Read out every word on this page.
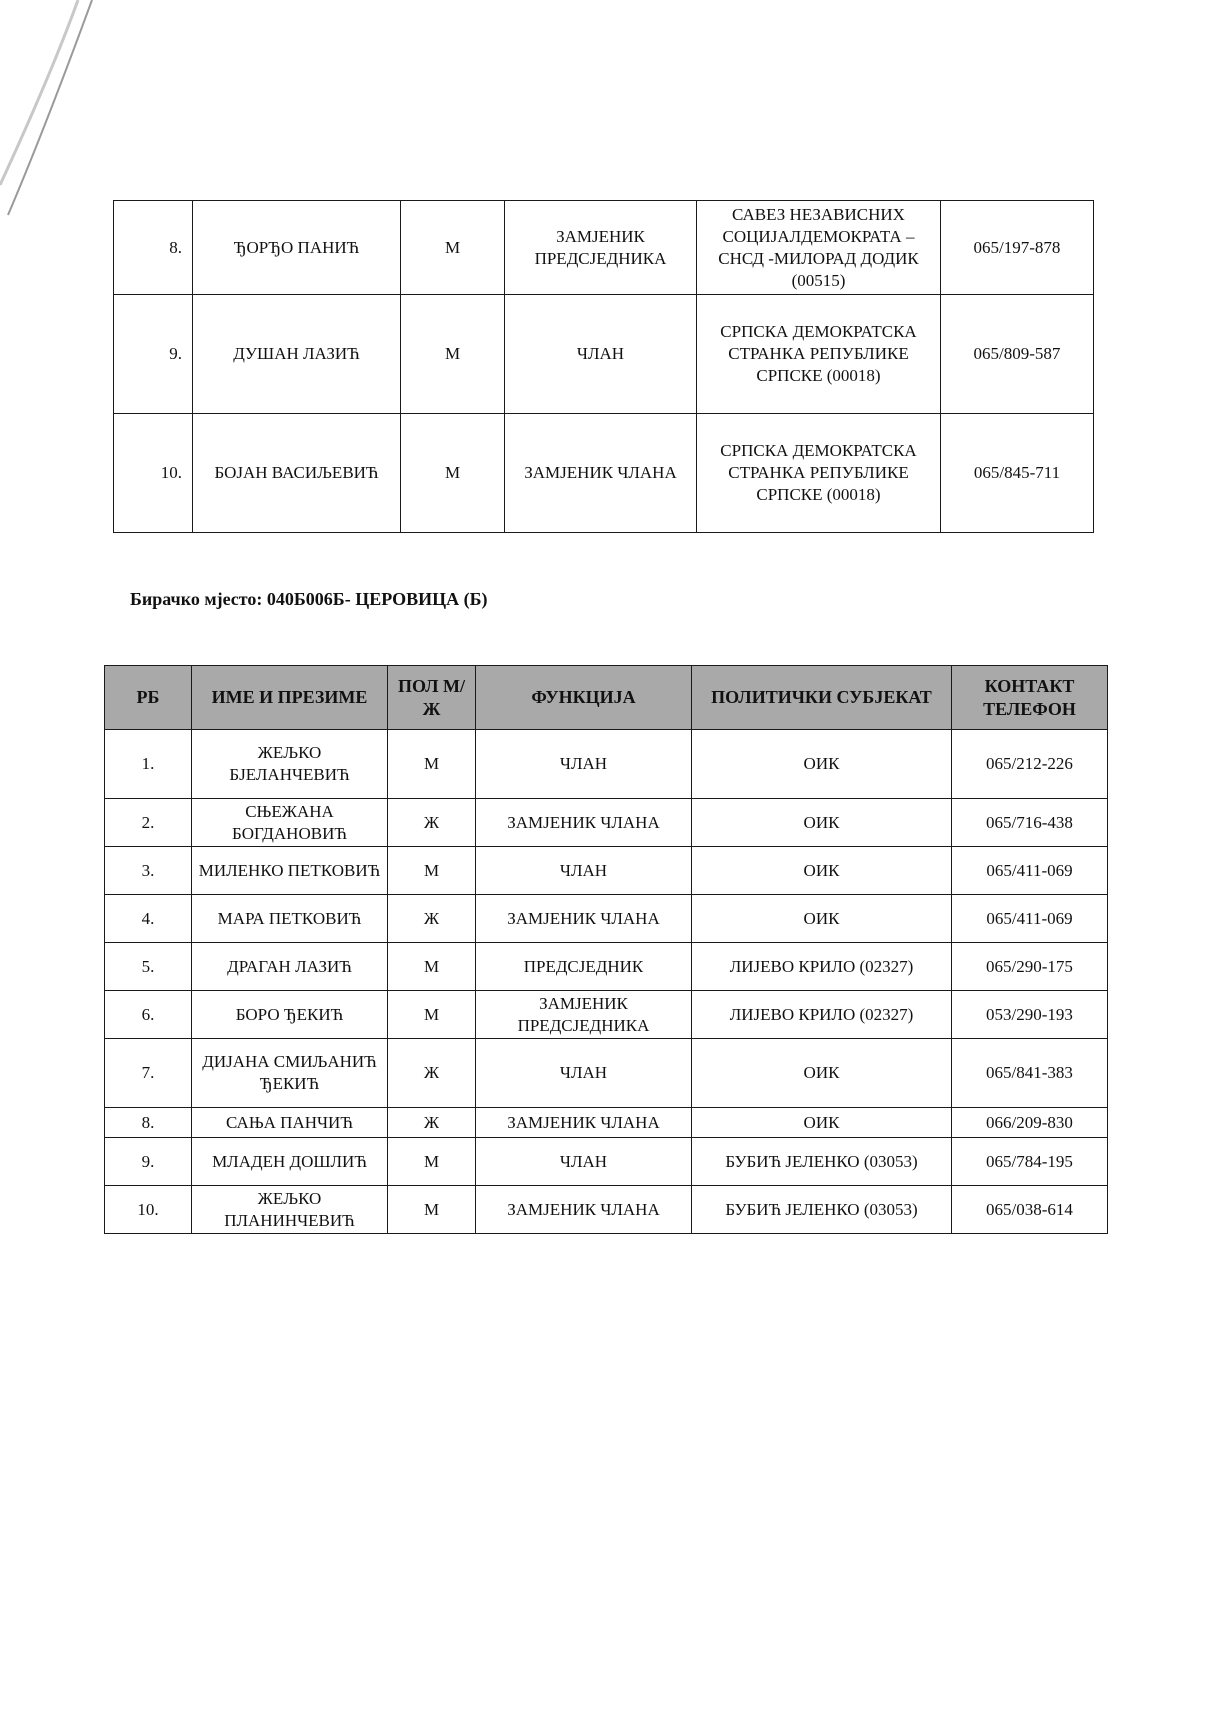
8.	ЂОРЂО ПАНИЋ	М	ЗАМЈЕНИК ПРЕДСЈЕДНИКА	САВЕЗ НЕЗАВИСНИХ СОЦИЈАЛДЕМОКРАТА – СНСД -МИЛОРАД ДОДИК (00515)	065/197-878
9.	ДУШАН ЛАЗИЋ	М	ЧЛАН	СРПСКА ДЕМОКРАТСКА СТРАНКА РЕПУБЛИКЕ СРПСКЕ (00018)	065/809-587
10.	БОЈАН ВАСИЉЕВИЋ	М	ЗАМЈЕНИК ЧЛАНА	СРПСКА ДЕМОКРАТСКА СТРАНКА РЕПУБЛИКЕ СРПСКЕ (00018)	065/845-711

Бирачко мјесто: 040Б006Б- ЦЕРОВИЦА (Б)

РБ	ИМЕ И ПРЕЗИМЕ	ПОЛ М/Ж	ФУНКЦИЈА	ПОЛИТИЧКИ СУБЈЕКАТ	КОНТАКТ ТЕЛЕФОН
1.	ЖЕЉКО БЈЕЛАНЧЕВИЋ	М	ЧЛАН	ОИК	065/212-226
2.	СЊЕЖАНА БОГДАНОВИЋ	Ж	ЗАМЈЕНИК ЧЛАНА	ОИК	065/716-438
3.	МИЛЕНКО ПЕТКОВИЋ	М	ЧЛАН	ОИК	065/411-069
4.	МАРА ПЕТКОВИЋ	Ж	ЗАМЈЕНИК ЧЛАНА	ОИК	065/411-069
5.	ДРАГАН ЛАЗИЋ	М	ПРЕДСЈЕДНИК	ЛИЈЕВО КРИЛО (02327)	065/290-175
6.	БОРО ЂЕКИЋ	М	ЗАМЈЕНИК ПРЕДСЈЕДНИКА	ЛИЈЕВО КРИЛО (02327)	053/290-193
7.	ДИЈАНА СМИЉАНИЋ ЂЕКИЋ	Ж	ЧЛАН	ОИК	065/841-383
8.	САЊА ПАНЧИЋ	Ж	ЗАМЈЕНИК ЧЛАНА	ОИК	066/209-830
9.	МЛАДЕН ДОШЛИЋ	М	ЧЛАН	БУБИЋ ЈЕЛЕНКО (03053)	065/784-195
10.	ЖЕЉКО ПЛАНИНЧЕВИЋ	М	ЗАМЈЕНИК ЧЛАНА	БУБИЋ ЈЕЛЕНКО (03053)	065/038-614
